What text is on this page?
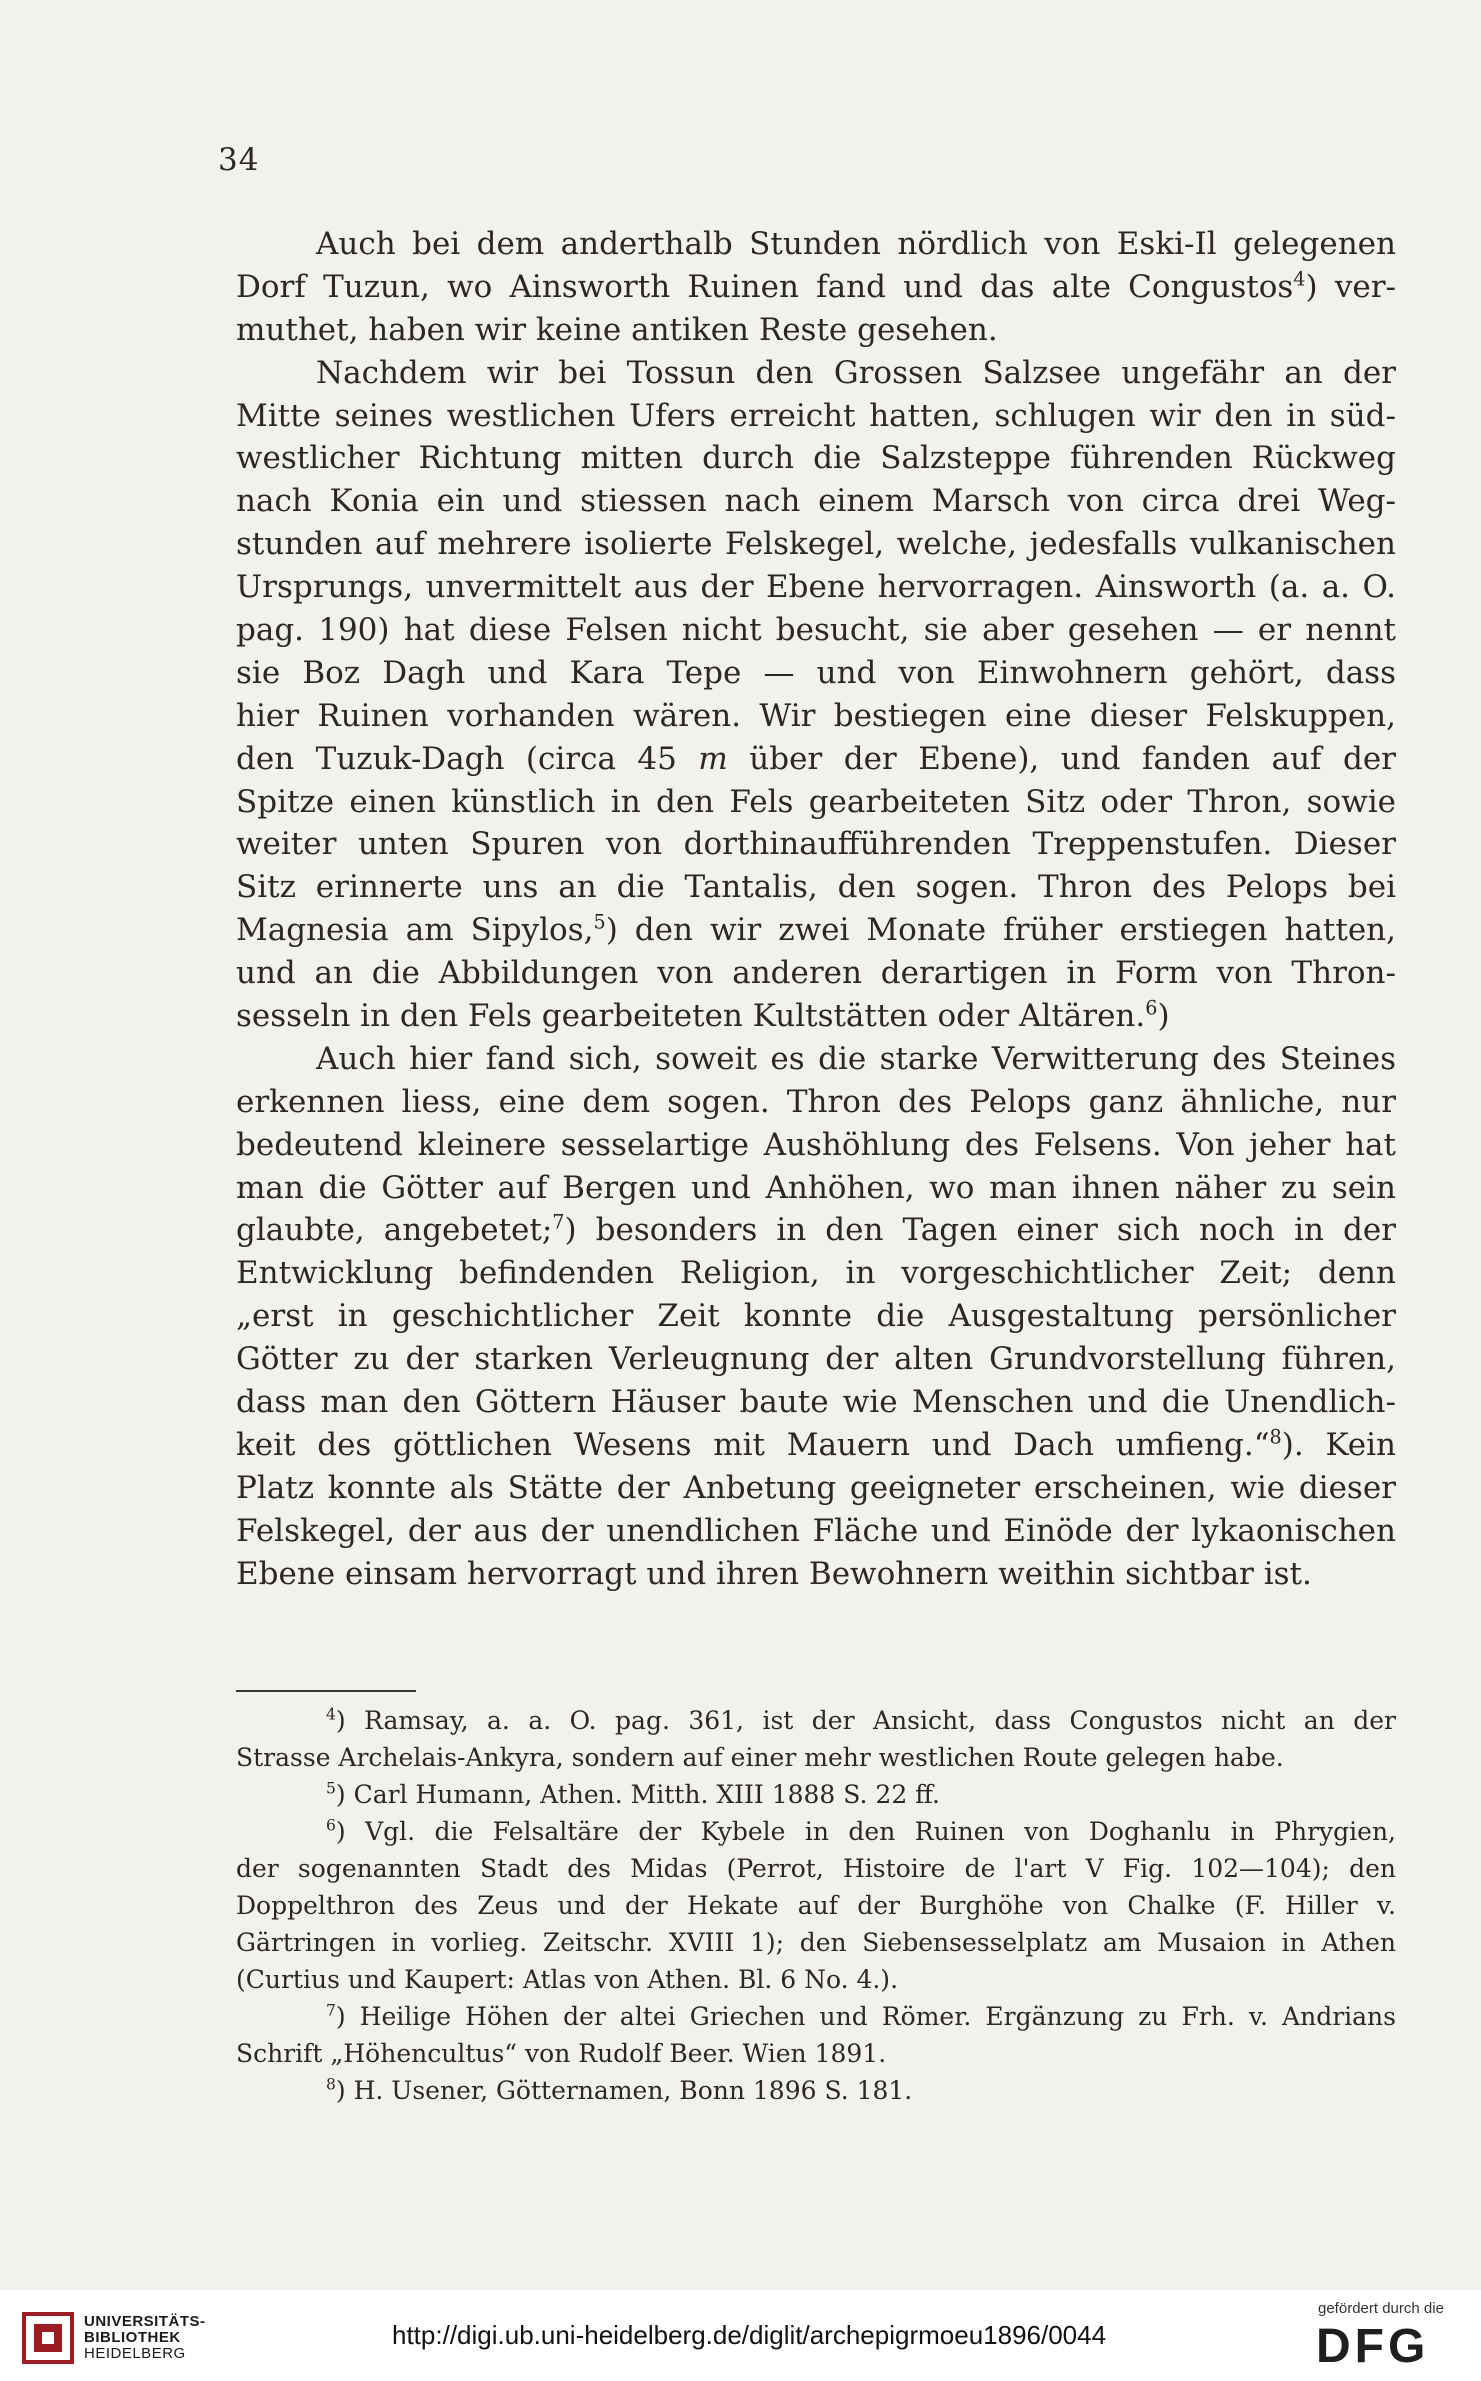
34
Auch bei dem anderthalb Stunden nördlich von Eski-Il gelegenen
Dorf Tuzun, wo Ainsworth Ruinen fand und das alte Congustos$^4$) ver-
muthet, haben wir keine antiken Reste gesehen.
Nachdem wir bei Tossun den Grossen Salzsee ungefähr an der
Mitte seines westlichen Ufers erreicht hatten, schlugen wir den in süd-
westlicher Richtung mitten durch die Salzsteppe führenden Rückweg
nach Konia ein und stiessen nach einem Marsch von circa drei Weg-
stunden auf mehrere isolierte Felskegel, welche, jedesfalls vulkanischen
Ursprungs, unvermittelt aus der Ebene hervorragen. Ainsworth (a. a. O.
pag. 190) hat diese Felsen nicht besucht, sie aber gesehen — er nennt
sie Boz Dagh und Kara Tepe — und von Einwohnern gehört, dass
hier Ruinen vorhanden wären. Wir bestiegen eine dieser Felskuppen,
den Tuzuk-Dagh (circa 45 m über der Ebene), und fanden auf der
Spitze einen künstlich in den Fels gearbeiteten Sitz oder Thron, sowie
weiter unten Spuren von dorthinaufführenden Treppenstufen. Dieser
Sitz erinnerte uns an die Tantalis, den sogen. Thron des Pelops bei
Magnesia am Sipylos,$^5$) den wir zwei Monate früher erstiegen hatten,
und an die Abbildungen von anderen derartigen in Form von Thron-
sesseln in den Fels gearbeiteten Kultstätten oder Altären.$^6$)
Auch hier fand sich, soweit es die starke Verwitterung des Steines
erkennen liess, eine dem sogen. Thron des Pelops ganz ähnliche, nur
bedeutend kleinere sesselartige Aushöhlung des Felsens. Von jeher hat
man die Götter auf Bergen und Anhöhen, wo man ihnen näher zu sein
glaubte, angebetet;$^7$) besonders in den Tagen einer sich noch in der
Entwicklung befindenden Religion, in vorgeschichtlicher Zeit; denn
„erst in geschichtlicher Zeit konnte die Ausgestaltung persönlicher
Götter zu der starken Verleugnung der alten Grundvorstellung führen,
dass man den Göttern Häuser baute wie Menschen und die Unendlich-
keit des göttlichen Wesens mit Mauern und Dach umfieng.“$^8$). Kein
Platz konnte als Stätte der Anbetung geeigneter erscheinen, wie dieser
Felskegel, der aus der unendlichen Fläche und Einöde der lykaonischen
Ebene einsam hervorragt und ihren Bewohnern weithin sichtbar ist.
$^4$) Ramsay, a. a. O. pag. 361, ist der Ansicht, dass Congustos nicht an der
Strasse Archelais-Ankyra, sondern auf einer mehr westlichen Route gelegen habe.
$^5$) Carl Humann, Athen. Mitth. XIII 1888 S. 22 ff.
$^6$) Vgl. die Felsaltäre der Kybele in den Ruinen von Doghanlu in Phrygien,
der sogenannten Stadt des Midas (Perrot, Histoire de l'art V Fig. 102—104); den
Doppelthron des Zeus und der Hekate auf der Burghöhe von Chalke (F. Hiller v.
Gärtringen in vorlieg. Zeitschr. XVIII 1); den Siebensesselplatz am Musaion in Athen
(Curtius und Kaupert: Atlas von Athen. Bl. 6 No. 4.).
$^7$) Heilige Höhen der altei Griechen und Römer. Ergänzung zu Frh. v. Andrians
Schrift „Höhencultus“ von Rudolf Beer. Wien 1891.
$^8$) H. Usener, Götternamen, Bonn 1896 S. 181.
UNIVERSITÄTS-
BIBLIOTHEK
HEIDELBERG
http://digi.ub.uni-heidelberg.de/diglit/archepigrmoeu1896/0044
gefördert durch die
DFG
